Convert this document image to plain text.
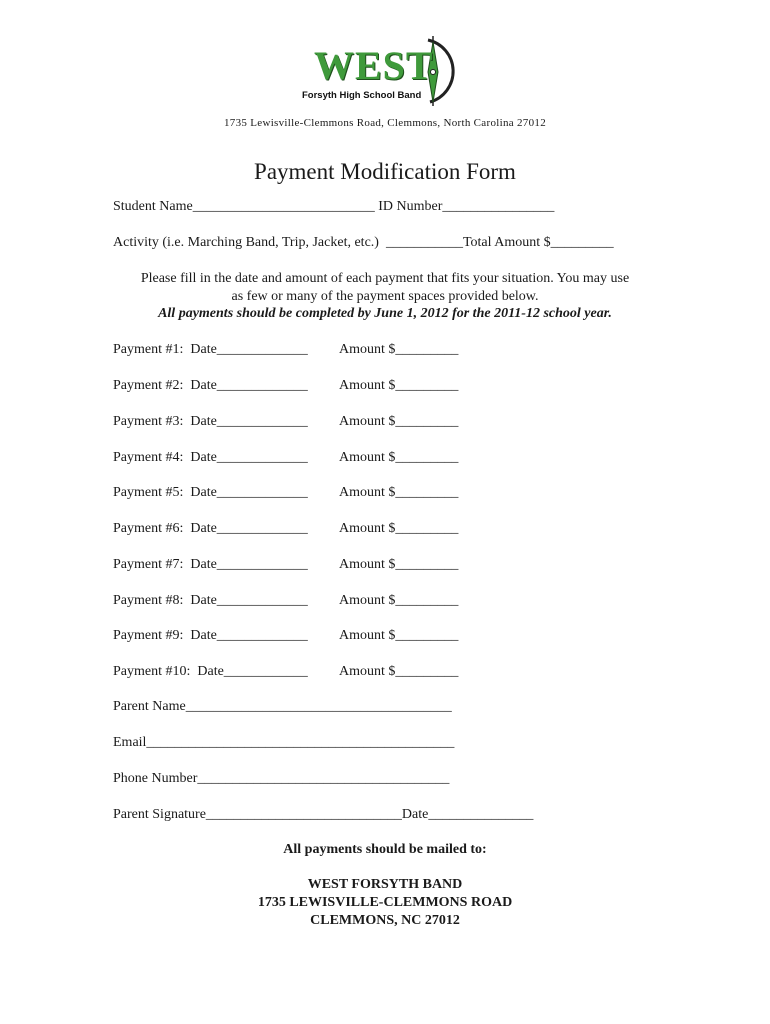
WEST
Forsyth High School Band
1735 Lewisville-Clemmons Road, Clemmons, North Carolina 27012
Payment Modification Form
Student Name__________________________ ID Number________________
Activity (i.e. Marching Band, Trip, Jacket, etc.)  ___________Total Amount $_________
Please fill in the date and amount of each payment that fits your situation. You may use
as few or many of the payment spaces provided below.
All payments should be completed by June 1, 2012 for the 2011-12 school year.
Payment #1:  Date_____________ Amount $_________
Payment #2:  Date_____________ Amount $_________
Payment #3:  Date_____________ Amount $_________
Payment #4:  Date_____________ Amount $_________
Payment #5:  Date_____________ Amount $_________
Payment #6:  Date_____________ Amount $_________
Payment #7:  Date_____________ Amount $_________
Payment #8:  Date_____________ Amount $_________
Payment #9:  Date_____________ Amount $_________
Payment #10:  Date____________ Amount $_________
Parent Name______________________________________
Email____________________________________________
Phone Number____________________________________
Parent Signature____________________________Date_______________
All payments should be mailed to:
WEST FORSYTH BAND
1735 LEWISVILLE-CLEMMONS ROAD
CLEMMONS, NC 27012
